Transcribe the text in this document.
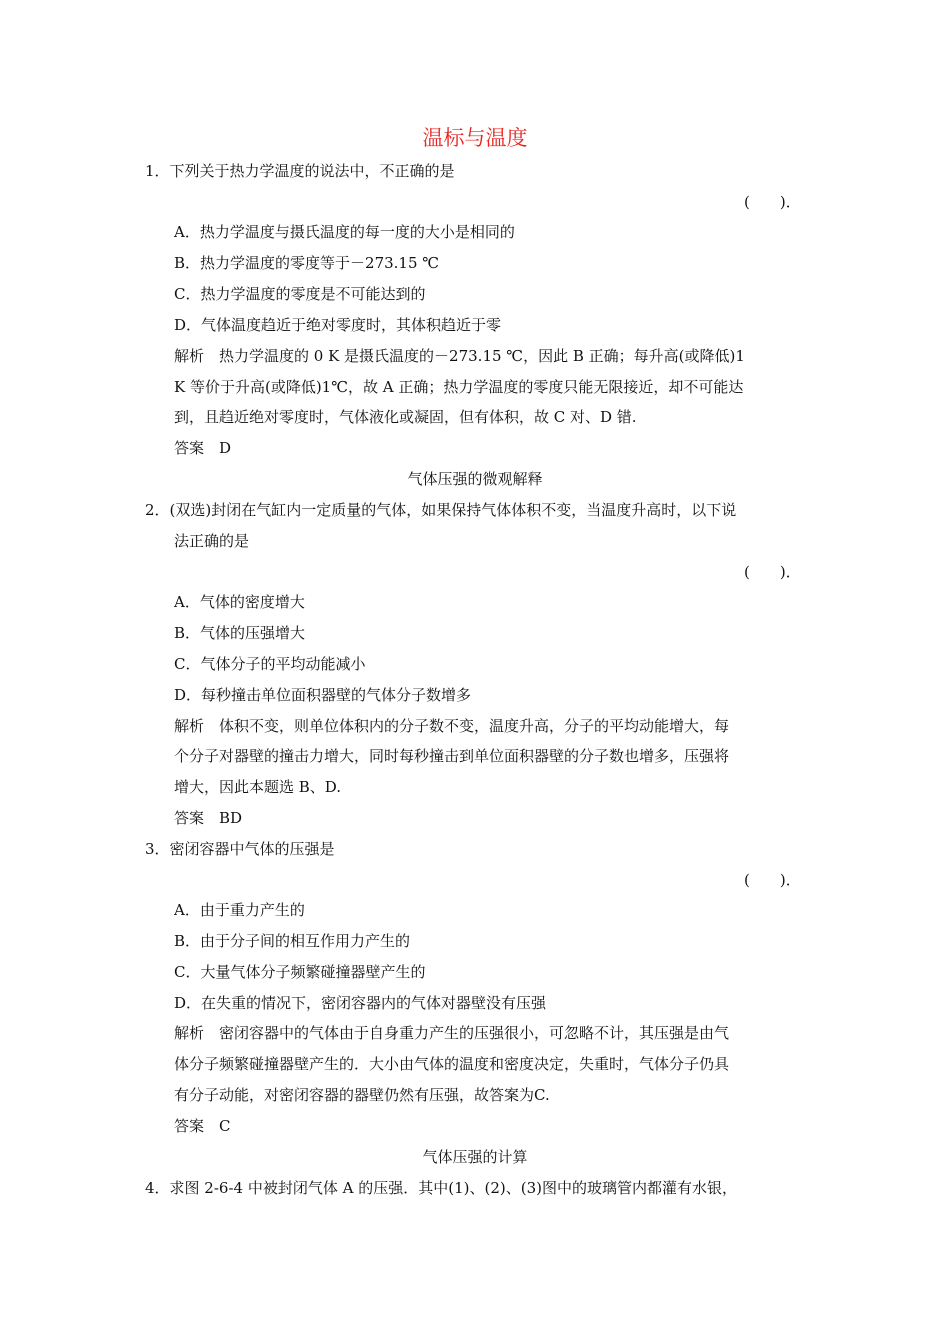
温标与温度
1．下列关于热力学温度的说法中，不正确的是
(　　)．
A．热力学温度与摄氏温度的每一度的大小是相同的
B．热力学温度的零度等于－273.15 ℃
C．热力学温度的零度是不可能达到的
D．气体温度趋近于绝对零度时，其体积趋近于零
解析　热力学温度的 0 K 是摄氏温度的－273.15 ℃，因此 B 正确；每升高(或降低)1
K 等价于升高(或降低)1℃，故 A 正确；热力学温度的零度只能无限接近，却不可能达
到，且趋近绝对零度时，气体液化或凝固，但有体积，故 C 对、D 错.
答案　D
气体压强的微观解释
2．(双选)封闭在气缸内一定质量的气体，如果保持气体体积不变，当温度升高时，以下说
法正确的是
(　　)．
A．气体的密度增大
B．气体的压强增大
C．气体分子的平均动能减小
D．每秒撞击单位面积器壁的气体分子数增多
解析　体积不变，则单位体积内的分子数不变，温度升高，分子的平均动能增大，每
个分子对器壁的撞击力增大，同时每秒撞击到单位面积器壁的分子数也增多，压强将
增大，因此本题选 B、D.
答案　BD
3．密闭容器中气体的压强是
(　　)．
A．由于重力产生的
B．由于分子间的相互作用力产生的
C．大量气体分子频繁碰撞器壁产生的
D．在失重的情况下，密闭容器内的气体对器壁没有压强
解析　密闭容器中的气体由于自身重力产生的压强很小，可忽略不计，其压强是由气
体分子频繁碰撞器壁产生的．大小由气体的温度和密度决定，失重时，气体分子仍具
有分子动能，对密闭容器的器壁仍然有压强，故答案为C.
答案　C
气体压强的计算
4．求图 2-6-4 中被封闭气体 A 的压强．其中(1)、(2)、(3)图中的玻璃管内都灌有水银，
